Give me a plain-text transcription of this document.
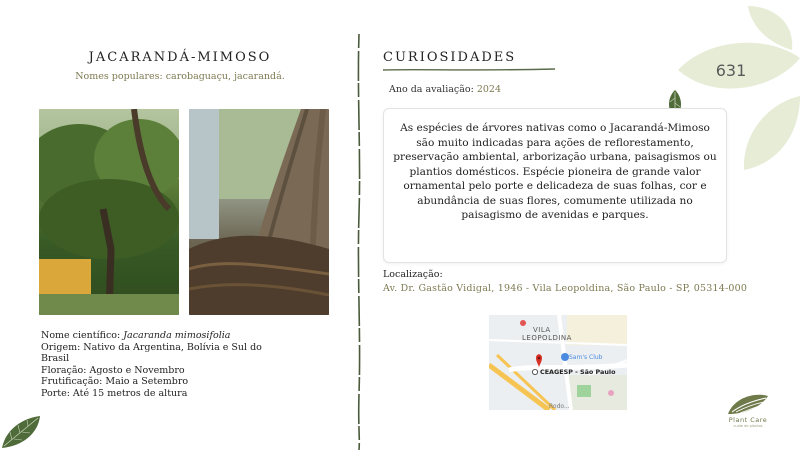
631
JACARANDÁ-MIMOSO
Nomes populares: carobaguaçu, jacarandá.
Nome científico: Jacaranda mimosifolia
Origem: Nativo da Argentina, Bolívia e Sul do
Brasil
Floração: Agosto e Novembro
Frutificação: Maio a Setembro
Porte: Até 15 metros de altura
CURIOSIDADES
Ano da avaliação: 2024

As espécies de árvores nativas como o Jacarandá-Mimoso são muito indicadas para ações de reflorestamento, preservação ambiental, arborização urbana, paisagismos ou plantios domésticos. Espécie pioneira de grande valor ornamental pelo porte e delicadeza de suas folhas, cor e abundância de suas flores, comumente utilizada no paisagismo de avenidas e parques.

Localização:
Av. Dr. Gastão Vidigal, 1946 - Vila Leopoldina, São Paulo - SP, 05314-000
VILA
LEOPOLDINA
Sam's Club
CEAGESP - São Paulo
Rodo...
Plant Care
cuide de plantas
